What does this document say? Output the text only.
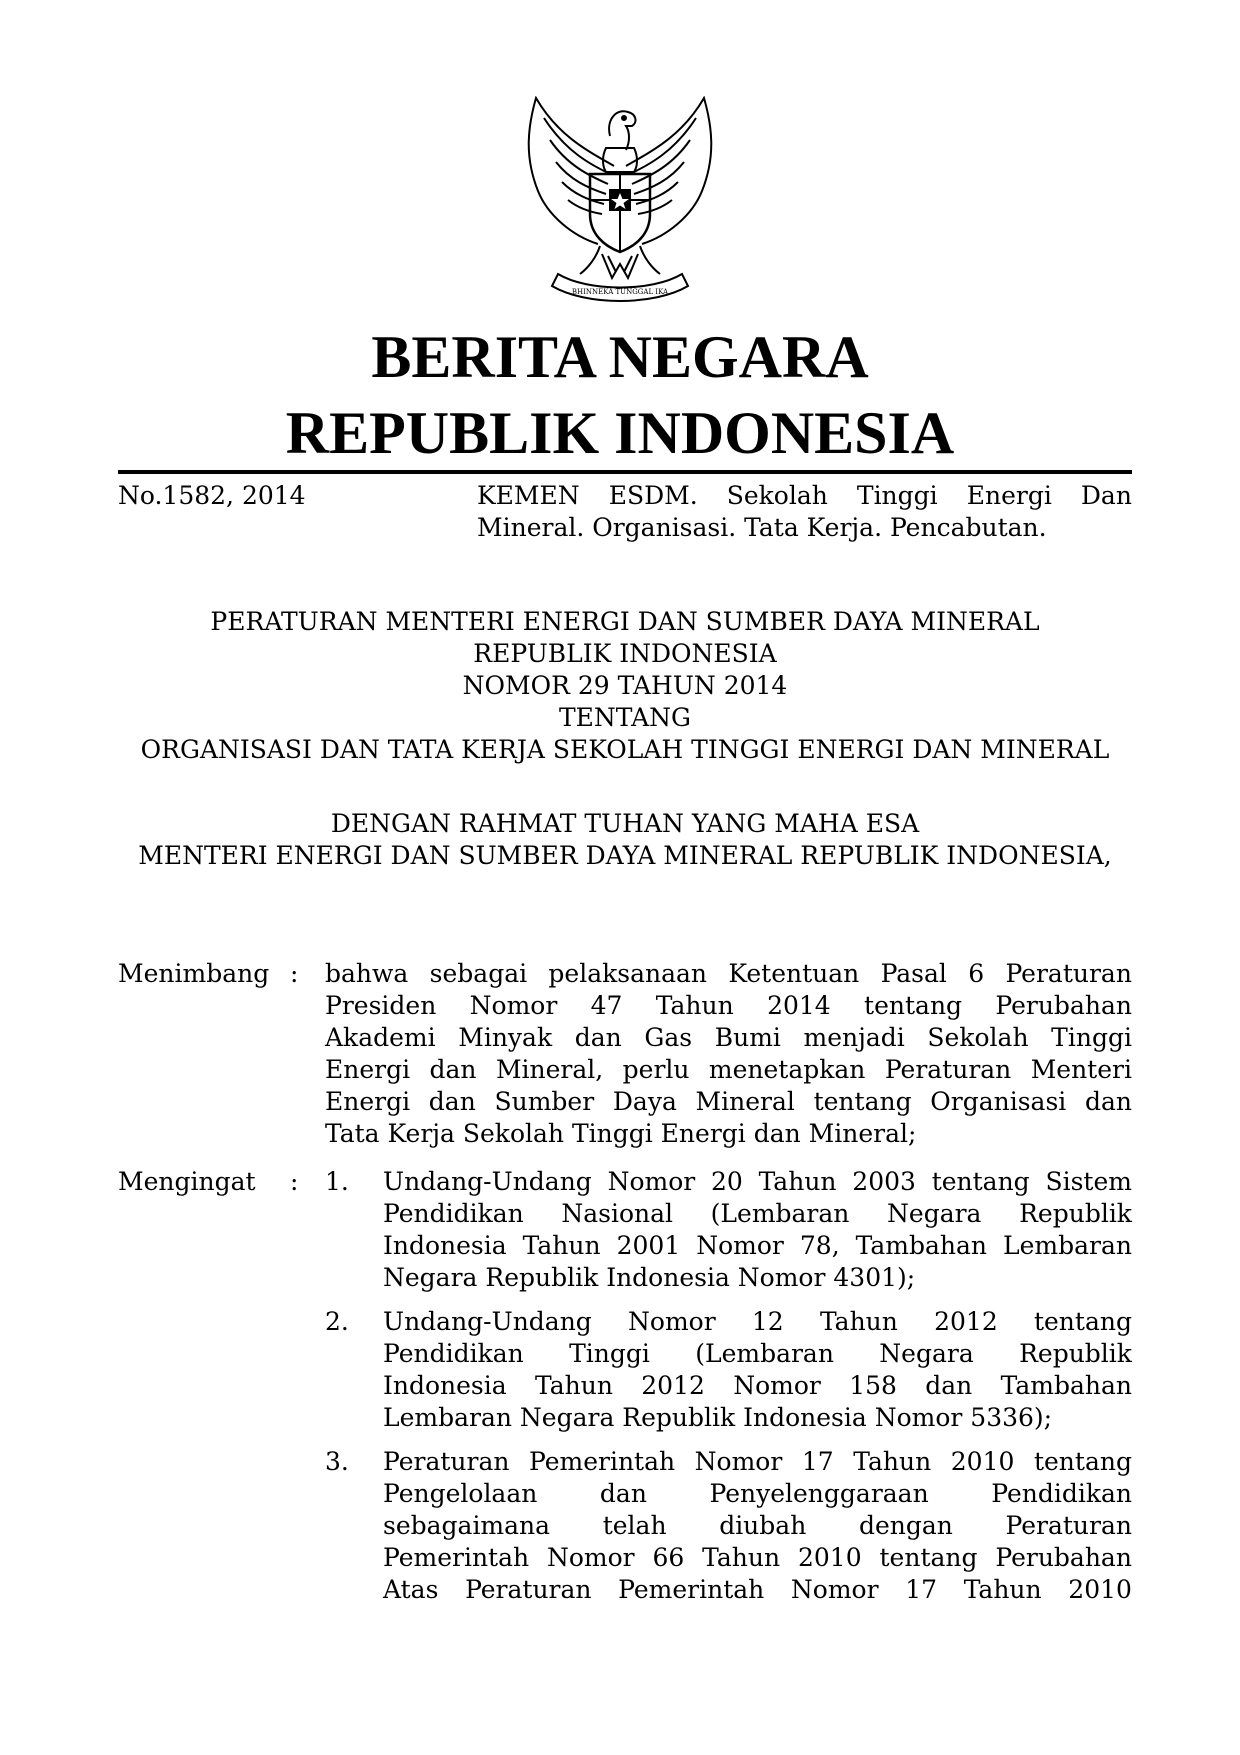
BHINNEKA TUNGGAL IKA
BERITA NEGARA
REPUBLIK INDONESIA
No.1582, 2014	KEMEN ESDM. Sekolah Tinggi Energi Dan
Mineral. Organisasi. Tata Kerja. Pencabutan.
PERATURAN MENTERI ENERGI DAN SUMBER DAYA MINERAL
REPUBLIK INDONESIA
NOMOR 29 TAHUN 2014
TENTANG
ORGANISASI DAN TATA KERJA SEKOLAH TINGGI ENERGI DAN MINERAL
DENGAN RAHMAT TUHAN YANG MAHA ESA
MENTERI ENERGI DAN SUMBER DAYA MINERAL REPUBLIK INDONESIA,
Menimbang : bahwa sebagai pelaksanaan Ketentuan Pasal 6 Peraturan
Presiden Nomor 47 Tahun 2014 tentang Perubahan
Akademi Minyak dan Gas Bumi menjadi Sekolah Tinggi
Energi dan Mineral, perlu menetapkan Peraturan Menteri
Energi dan Sumber Daya Mineral tentang Organisasi dan
Tata Kerja Sekolah Tinggi Energi dan Mineral;
Mengingat : 1. Undang-Undang Nomor 20 Tahun 2003 tentang Sistem
Pendidikan Nasional (Lembaran Negara Republik
Indonesia Tahun 2001 Nomor 78, Tambahan Lembaran
Negara Republik Indonesia Nomor 4301);
2. Undang-Undang Nomor 12 Tahun 2012 tentang
Pendidikan Tinggi (Lembaran Negara Republik
Indonesia Tahun 2012 Nomor 158 dan Tambahan
Lembaran Negara Republik Indonesia Nomor 5336);
3. Peraturan Pemerintah Nomor 17 Tahun 2010 tentang
Pengelolaan	dan	Penyelenggaraan	Pendidikan
sebagaimana telah diubah dengan Peraturan
Pemerintah Nomor 66 Tahun 2010 tentang Perubahan
Atas Peraturan Pemerintah Nomor 17 Tahun 2010
